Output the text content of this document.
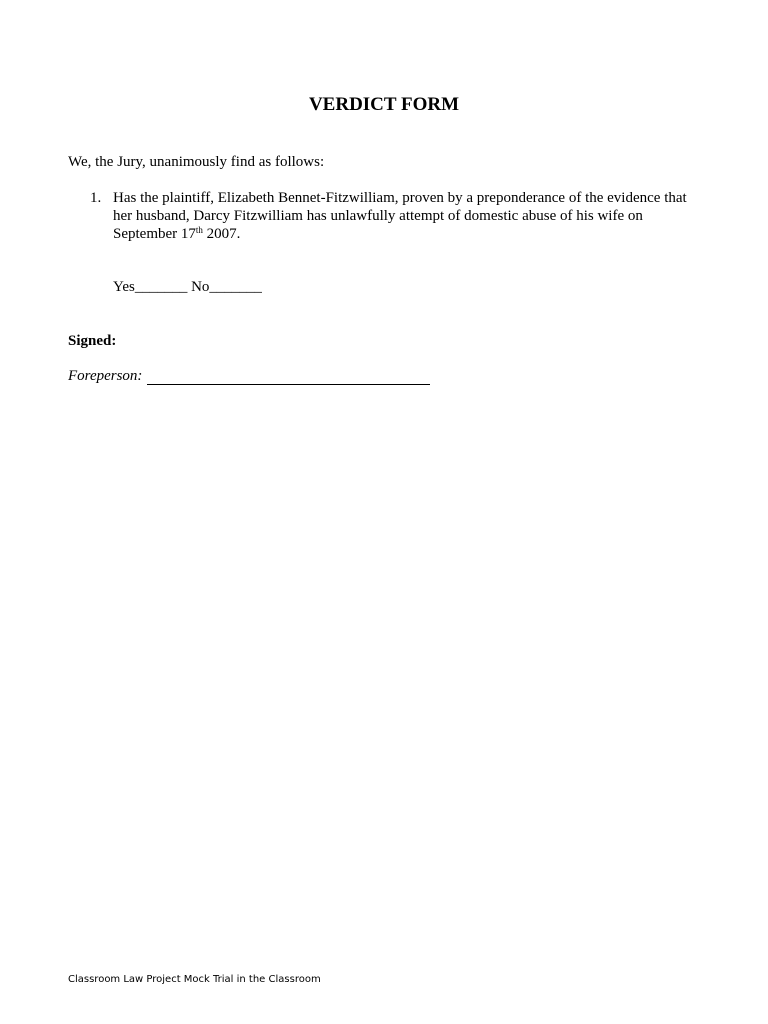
VERDICT FORM
We, the Jury, unanimously find as follows:
1. Has the plaintiff, Elizabeth Bennet-Fitzwilliam, proven by a preponderance of the evidence that her husband, Darcy Fitzwilliam has unlawfully attempt of domestic abuse of his wife on September 17th 2007.
Yes_______ No_______
Signed:
Foreperson:
Classroom Law Project Mock Trial in the Classroom
